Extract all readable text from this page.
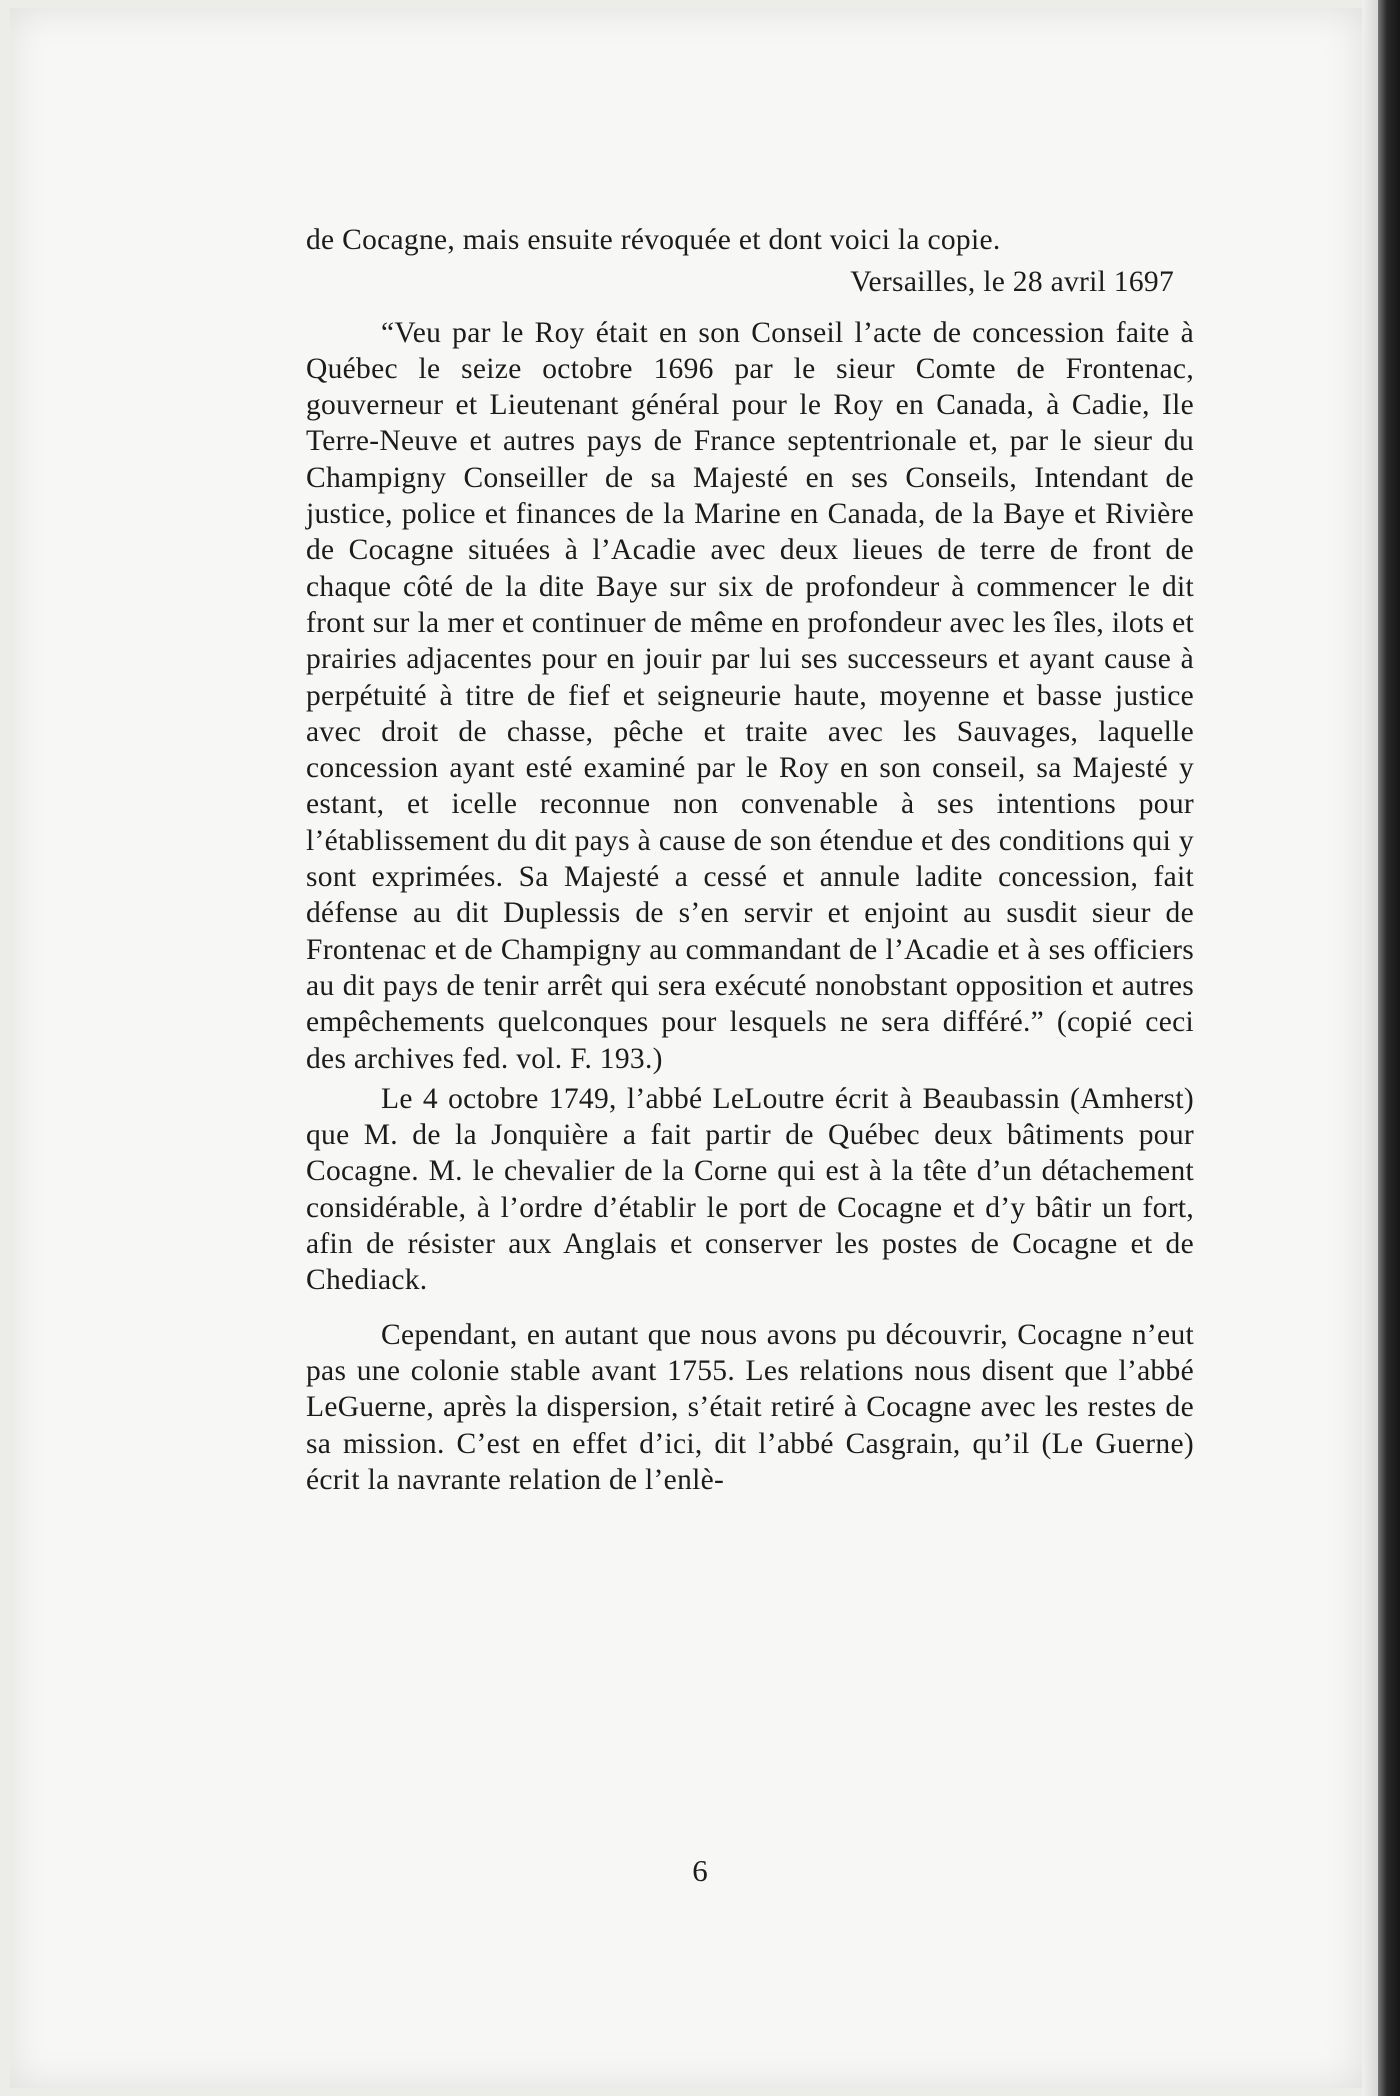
de Cocagne, mais ensuite révoquée et dont voici la copie.

Versailles, le 28 avril 1697

“Veu par le Roy était en son Conseil l’acte de concession faite à Québec le seize octobre 1696 par le sieur Comte de Frontenac, gouverneur et Lieutenant général pour le Roy en Canada, à Cadie, Ile Terre-Neuve et autres pays de France septentrionale et, par le sieur du Champigny Conseiller de sa Majesté en ses Conseils, Intendant de justice, police et finances de la Marine en Canada, de la Baye et Rivière de Cocagne situées à l’Acadie avec deux lieues de terre de front de chaque côté de la dite Baye sur six de profondeur à commencer le dit front sur la mer et continuer de même en profondeur avec les îles, ilots et prairies adjacentes pour en jouir par lui ses successeurs et ayant cause à perpétuité à titre de fief et seigneurie haute, moyenne et basse justice avec droit de chasse, pêche et traite avec les Sauvages, laquelle concession ayant esté examiné par le Roy en son conseil, sa Majesté y estant, et icelle reconnue non convenable à ses intentions pour l’établissement du dit pays à cause de son étendue et des conditions qui y sont exprimées. Sa Majesté a cessé et annule ladite concession, fait défense au dit Duplessis de s’en servir et enjoint au susdit sieur de Frontenac et de Champigny au commandant de l’Acadie et à ses officiers au dit pays de tenir arrêt qui sera exécuté nonobstant opposition et autres empêchements quelconques pour lesquels ne sera différé.” (copié ceci des archives fed. vol. F. 193.)

Le 4 octobre 1749, l’abbé LeLoutre écrit à Beaubassin (Amherst) que M. de la Jonquière a fait partir de Québec deux bâtiments pour Cocagne. M. le chevalier de la Corne qui est à la tête d’un détachement considérable, à l’ordre d’établir le port de Cocagne et d’y bâtir un fort, afin de résister aux Anglais et conserver les postes de Cocagne et de Chediack.

Cependant, en autant que nous avons pu découvrir, Cocagne n’eut pas une colonie stable avant 1755. Les relations nous disent que l’abbé LeGuerne, après la dispersion, s’était retiré à Cocagne avec les restes de sa mission. C’est en effet d’ici, dit l’abbé Casgrain, qu’il (Le Guerne) écrit la navrante relation de l’enlè-

6
